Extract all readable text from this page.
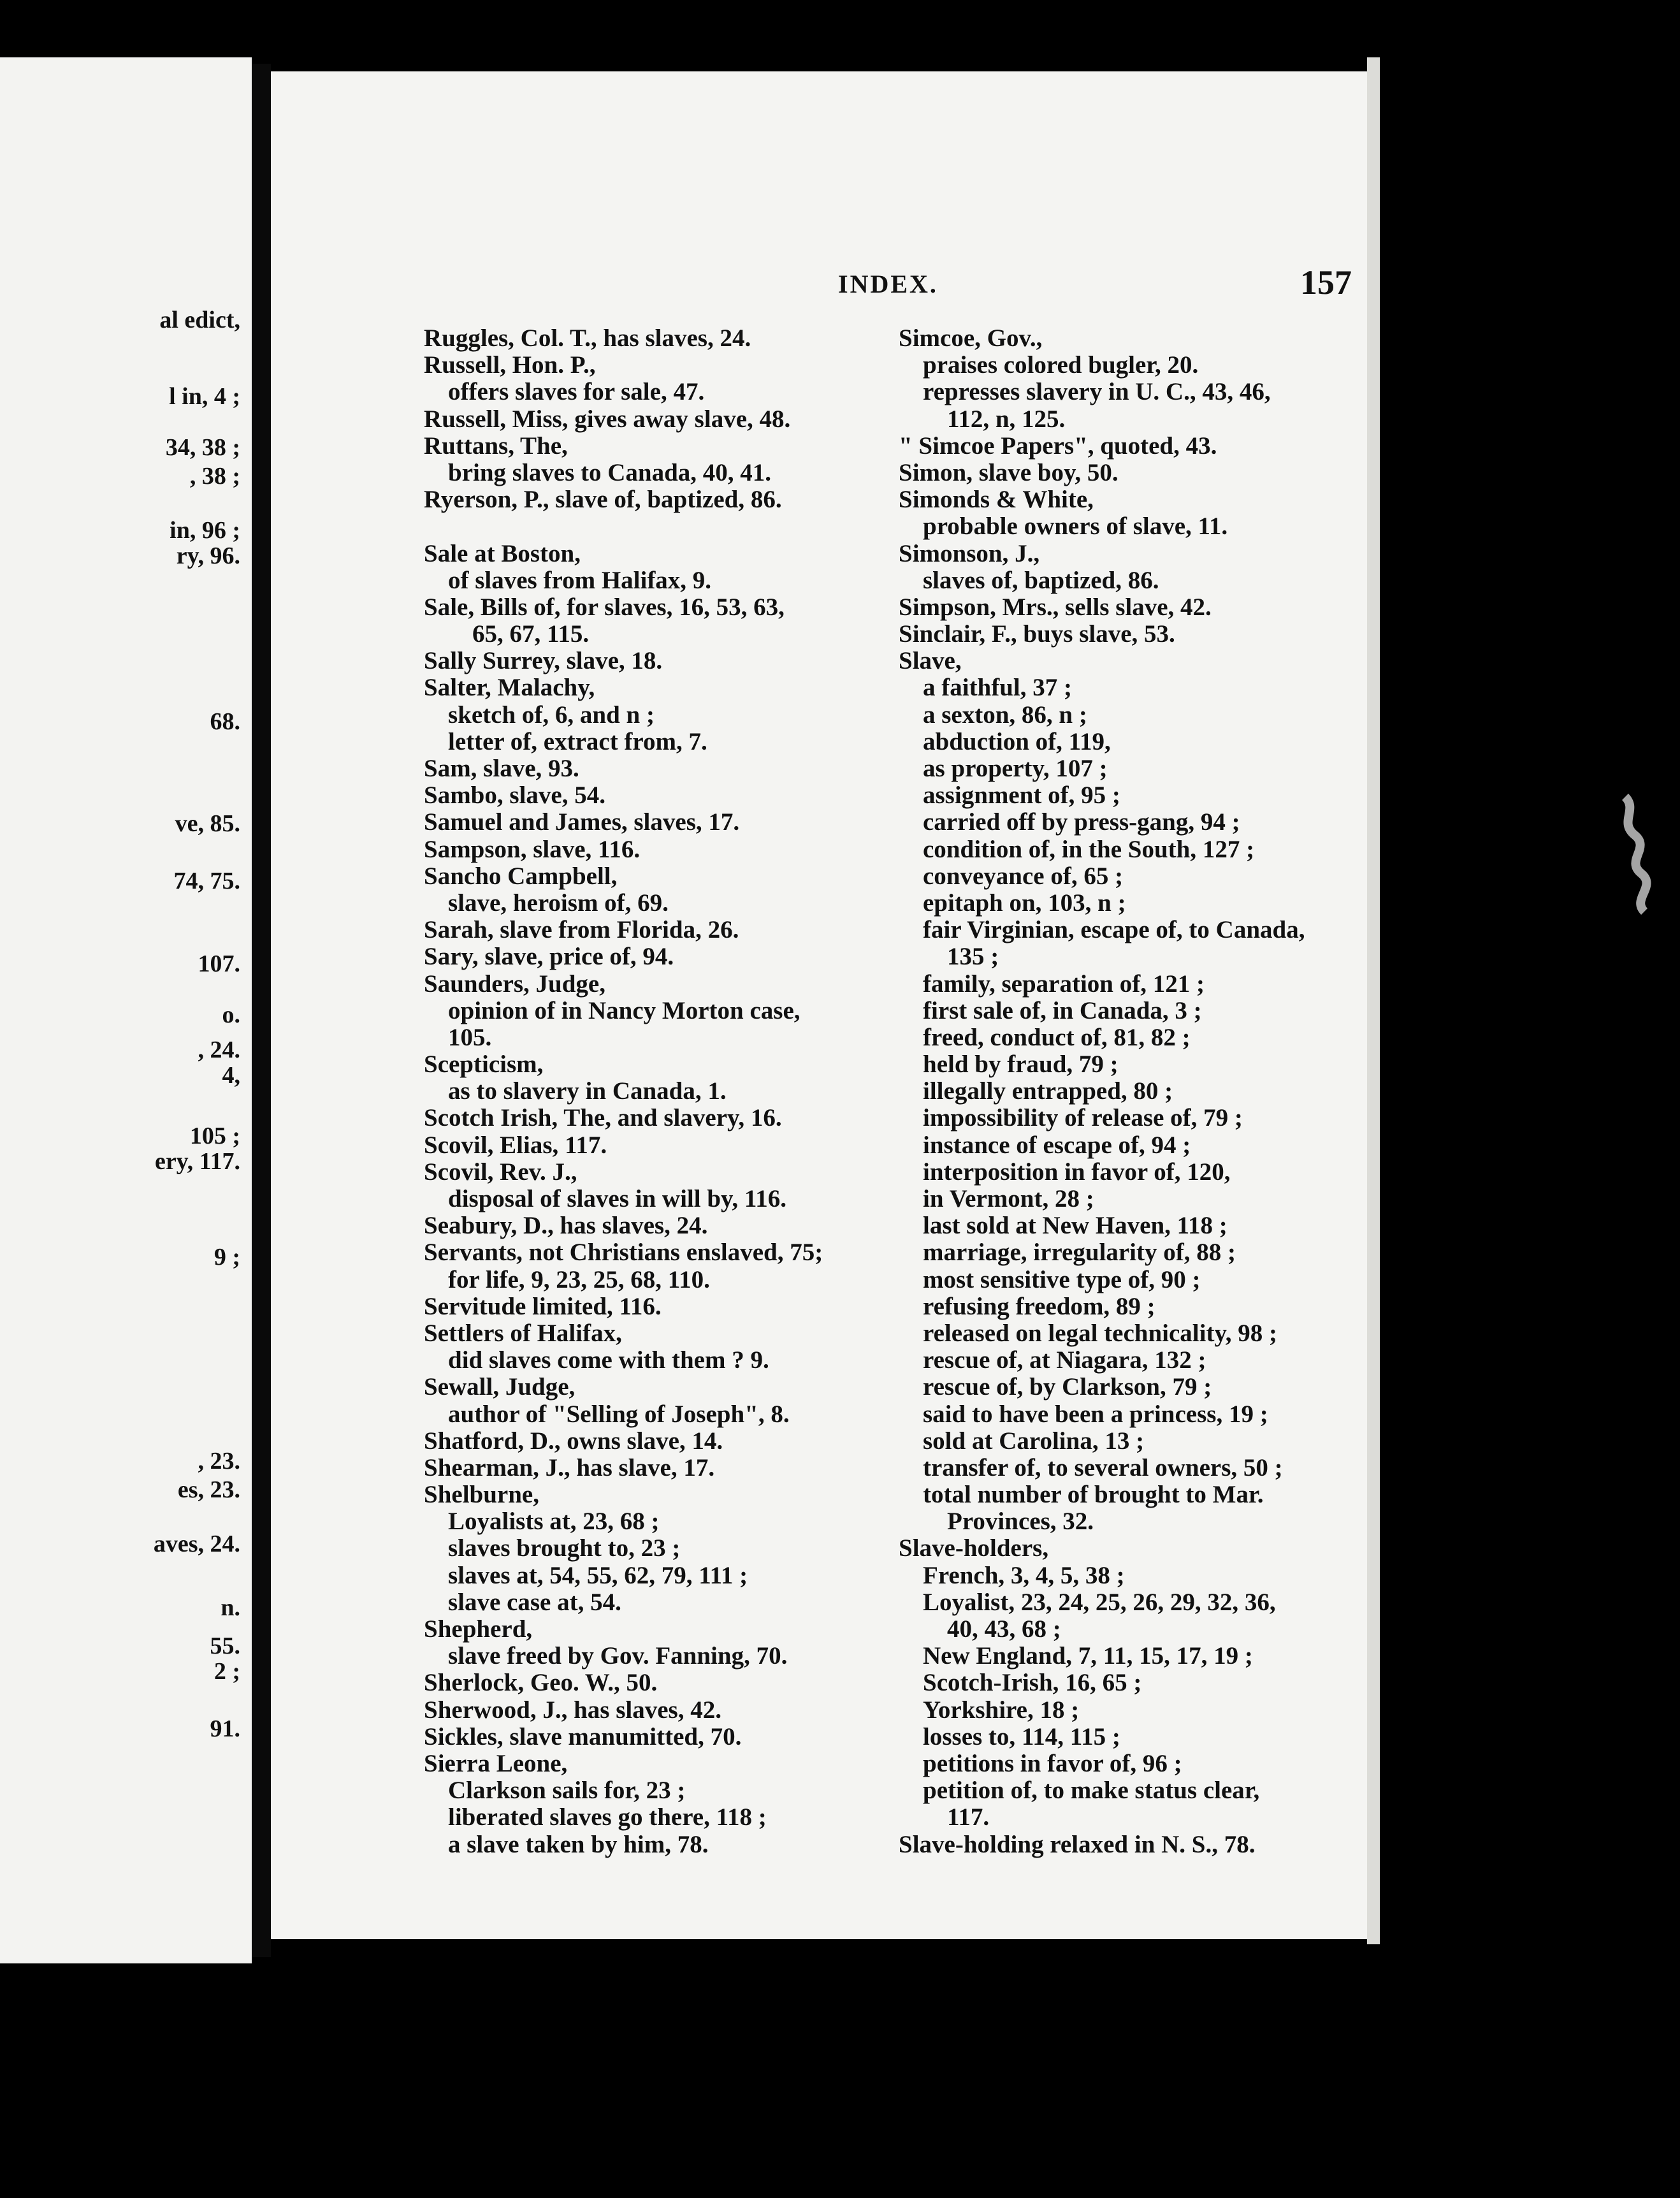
al edict,
l in, 4 ;
34, 38 ;
, 38 ;
in, 96 ;
ry, 96.
68.
ve, 85.
74, 75.
107.
o.
, 24.
4,
105 ;
ery, 117.
9 ;
, 23.
es, 23.
aves, 24.
n.
55.
2 ;
91.
INDEX.	157
Ruggles, Col. T., has slaves, 24.
Russell, Hon. P.,
offers slaves for sale, 47.
Russell, Miss, gives away slave, 48.
Ruttans, The,
bring slaves to Canada, 40, 41.
Ryerson, P., slave of, baptized, 86.
Sale at Boston,
of slaves from Halifax, 9.
Sale, Bills of, for slaves, 16, 53, 63,
65, 67, 115.
Sally Surrey, slave, 18.
Salter, Malachy,
sketch of, 6, and n ;
letter of, extract from, 7.
Sam, slave, 93.
Sambo, slave, 54.
Samuel and James, slaves, 17.
Sampson, slave, 116.
Sancho Campbell,
slave, heroism of, 69.
Sarah, slave from Florida, 26.
Sary, slave, price of, 94.
Saunders, Judge,
opinion of in Nancy Morton case,
105.
Scepticism,
as to slavery in Canada, 1.
Scotch Irish, The, and slavery, 16.
Scovil, Elias, 117.
Scovil, Rev. J.,
disposal of slaves in will by, 116.
Seabury, D., has slaves, 24.
Servants, not Christians enslaved, 75;
for life, 9, 23, 25, 68, 110.
Servitude limited, 116.
Settlers of Halifax,
did slaves come with them ? 9.
Sewall, Judge,
author of "Selling of Joseph", 8.
Shatford, D., owns slave, 14.
Shearman, J., has slave, 17.
Shelburne,
Loyalists at, 23, 68 ;
slaves brought to, 23 ;
slaves at, 54, 55, 62, 79, 111 ;
slave case at, 54.
Shepherd,
slave freed by Gov. Fanning, 70.
Sherlock, Geo. W., 50.
Sherwood, J., has slaves, 42.
Sickles, slave manumitted, 70.
Sierra Leone,
Clarkson sails for, 23 ;
liberated slaves go there, 118 ;
a slave taken by him, 78.
Simcoe, Gov.,
praises colored bugler, 20.
represses slavery in U. C., 43, 46,
112, n, 125.
" Simcoe Papers", quoted, 43.
Simon, slave boy, 50.
Simonds & White,
probable owners of slave, 11.
Simonson, J.,
slaves of, baptized, 86.
Simpson, Mrs., sells slave, 42.
Sinclair, F., buys slave, 53.
Slave,
a faithful, 37 ;
a sexton, 86, n ;
abduction of, 119,
as property, 107 ;
assignment of, 95 ;
carried off by press-gang, 94 ;
condition of, in the South, 127 ;
conveyance of, 65 ;
epitaph on, 103, n ;
fair Virginian, escape of, to Canada,
135 ;
family, separation of, 121 ;
first sale of, in Canada, 3 ;
freed, conduct of, 81, 82 ;
held by fraud, 79 ;
illegally entrapped, 80 ;
impossibility of release of, 79 ;
instance of escape of, 94 ;
interposition in favor of, 120,
in Vermont, 28 ;
last sold at New Haven, 118 ;
marriage, irregularity of, 88 ;
most sensitive type of, 90 ;
refusing freedom, 89 ;
released on legal technicality, 98 ;
rescue of, at Niagara, 132 ;
rescue of, by Clarkson, 79 ;
said to have been a princess, 19 ;
sold at Carolina, 13 ;
transfer of, to several owners, 50 ;
total number of brought to Mar.
Provinces, 32.
Slave-holders,
French, 3, 4, 5, 38 ;
Loyalist, 23, 24, 25, 26, 29, 32, 36,
40, 43, 68 ;
New England, 7, 11, 15, 17, 19 ;
Scotch-Irish, 16, 65 ;
Yorkshire, 18 ;
losses to, 114, 115 ;
petitions in favor of, 96 ;
petition of, to make status clear,
117.
Slave-holding relaxed in N. S., 78.
